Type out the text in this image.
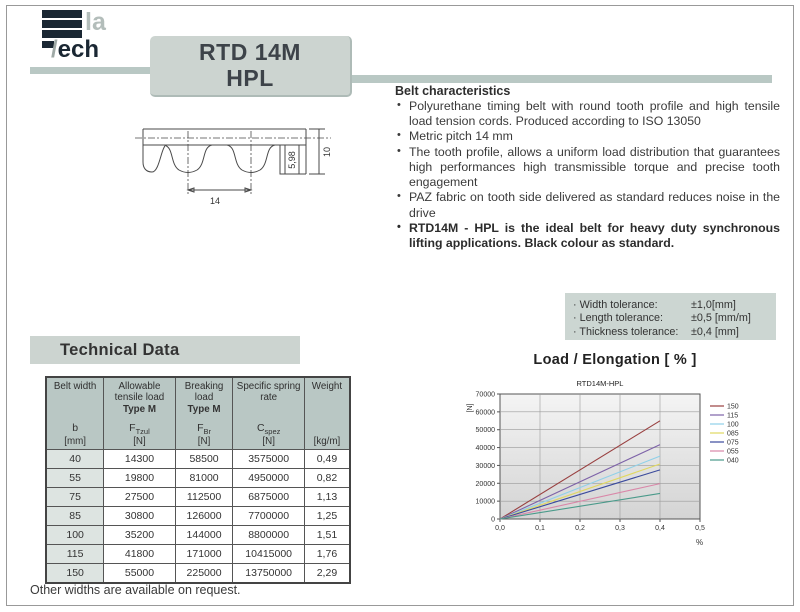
la
/ech	RTD 14M
HPL
Belt characteristics
• Polyurethane timing belt with round tooth profile and high tensile load tension cords. Produced according to ISO 13050
• Metric pitch 14 mm
• The tooth profile, allows a uniform load distribution that guarantees high performances high transmissible torque and precise tooth engagement
• PAZ fabric on tooth side delivered as standard reduces noise in the drive
• RTD14M - HPL is the ideal belt for heavy duty synchronous lifting applications. Black colour as standard.
14
5,98	10
· Width tolerance:	±1,0[mm]
· Length tolerance:	±0,5 [mm/m]
· Thickness tolerance:	±0,4 [mm]
Technical Data
Belt width
b
[mm]

Allowable tensile load
Type M
$F_{Tzul}$
[N]

Breaking load
Type M
$F_{Br}$
[N]

Specific spring rate
$C_{spez}$
[N]

Weight
[kg/m]

40	14300	58500	3575000	0,49
55	19800	81000	4950000	0,82
75	27500	112500	6875000	1,13
85	30800	126000	7700000	1,25
100	35200	144000	8800000	1,51
115	41800	171000	10415000	1,76
150	55000	225000	13750000	2,29
Load / Elongation [ % ]
RTD14M-HPL
0
10000
20000
30000
40000
50000
60000
70000
0,0	0,1	0,2	0,3	0,4	0,5
[N]
%
150
115
100
085
075
055
040
Other widths are available on request.
